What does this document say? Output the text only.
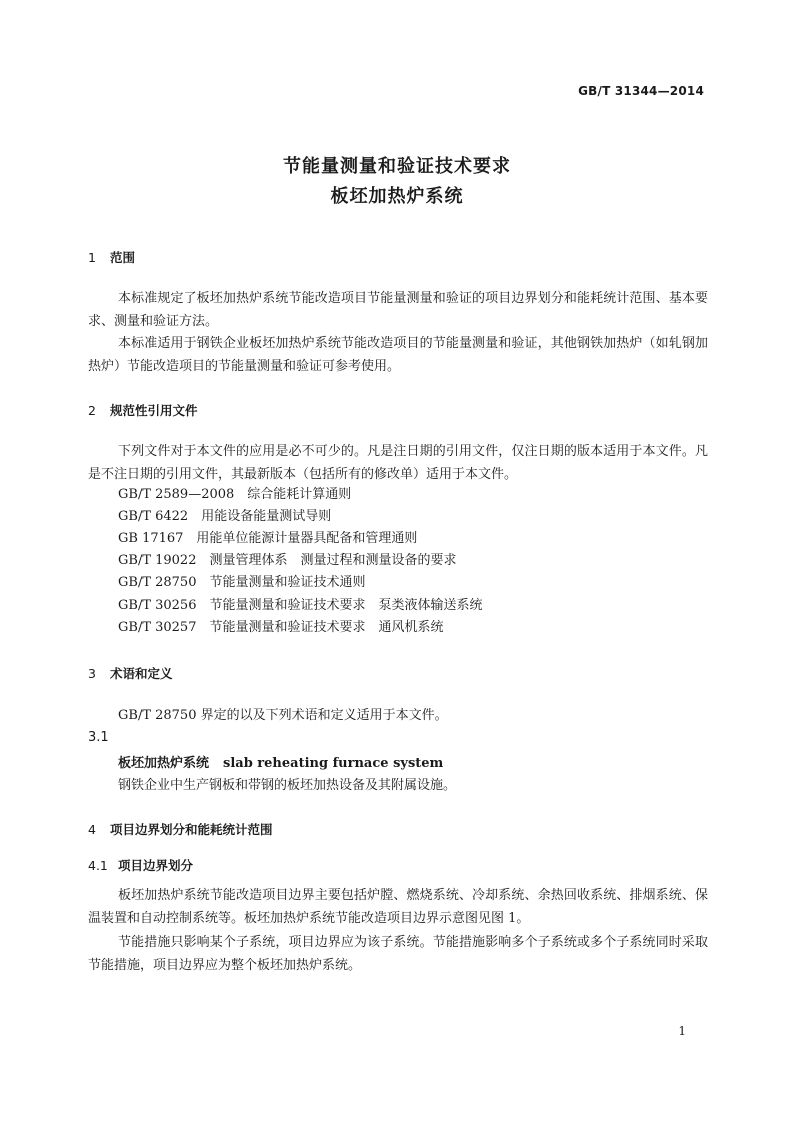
GB/T 31344—2014
节能量测量和验证技术要求
板坯加热炉系统
1 范围
本标准规定了板坯加热炉系统节能改造项目节能量测量和验证的项目边界划分和能耗统计范围、基本要求、测量和验证方法。
本标准适用于钢铁企业板坯加热炉系统节能改造项目的节能量测量和验证，其他钢铁加热炉（如轧钢加热炉）节能改造项目的节能量测量和验证可参考使用。
2 规范性引用文件
下列文件对于本文件的应用是必不可少的。凡是注日期的引用文件，仅注日期的版本适用于本文件。凡是不注日期的引用文件，其最新版本（包括所有的修改单）适用于本文件。
GB/T 2589—2008　综合能耗计算通则
GB/T 6422　用能设备能量测试导则
GB 17167　用能单位能源计量器具配备和管理通则
GB/T 19022　测量管理体系　测量过程和测量设备的要求
GB/T 28750　节能量测量和验证技术通则
GB/T 30256　节能量测量和验证技术要求　泵类液体输送系统
GB/T 30257　节能量测量和验证技术要求　通风机系统
3 术语和定义
GB/T 28750 界定的以及下列术语和定义适用于本文件。
3.1
板坯加热炉系统 slab reheating furnace system
钢铁企业中生产钢板和带钢的板坯加热设备及其附属设施。
4 项目边界划分和能耗统计范围
4.1 项目边界划分
板坯加热炉系统节能改造项目边界主要包括炉膛、燃烧系统、冷却系统、余热回收系统、排烟系统、保温装置和自动控制系统等。板坯加热炉系统节能改造项目边界示意图见图 1。
节能措施只影响某个子系统，项目边界应为该子系统。节能措施影响多个子系统或多个子系统同时采取节能措施，项目边界应为整个板坯加热炉系统。
1
